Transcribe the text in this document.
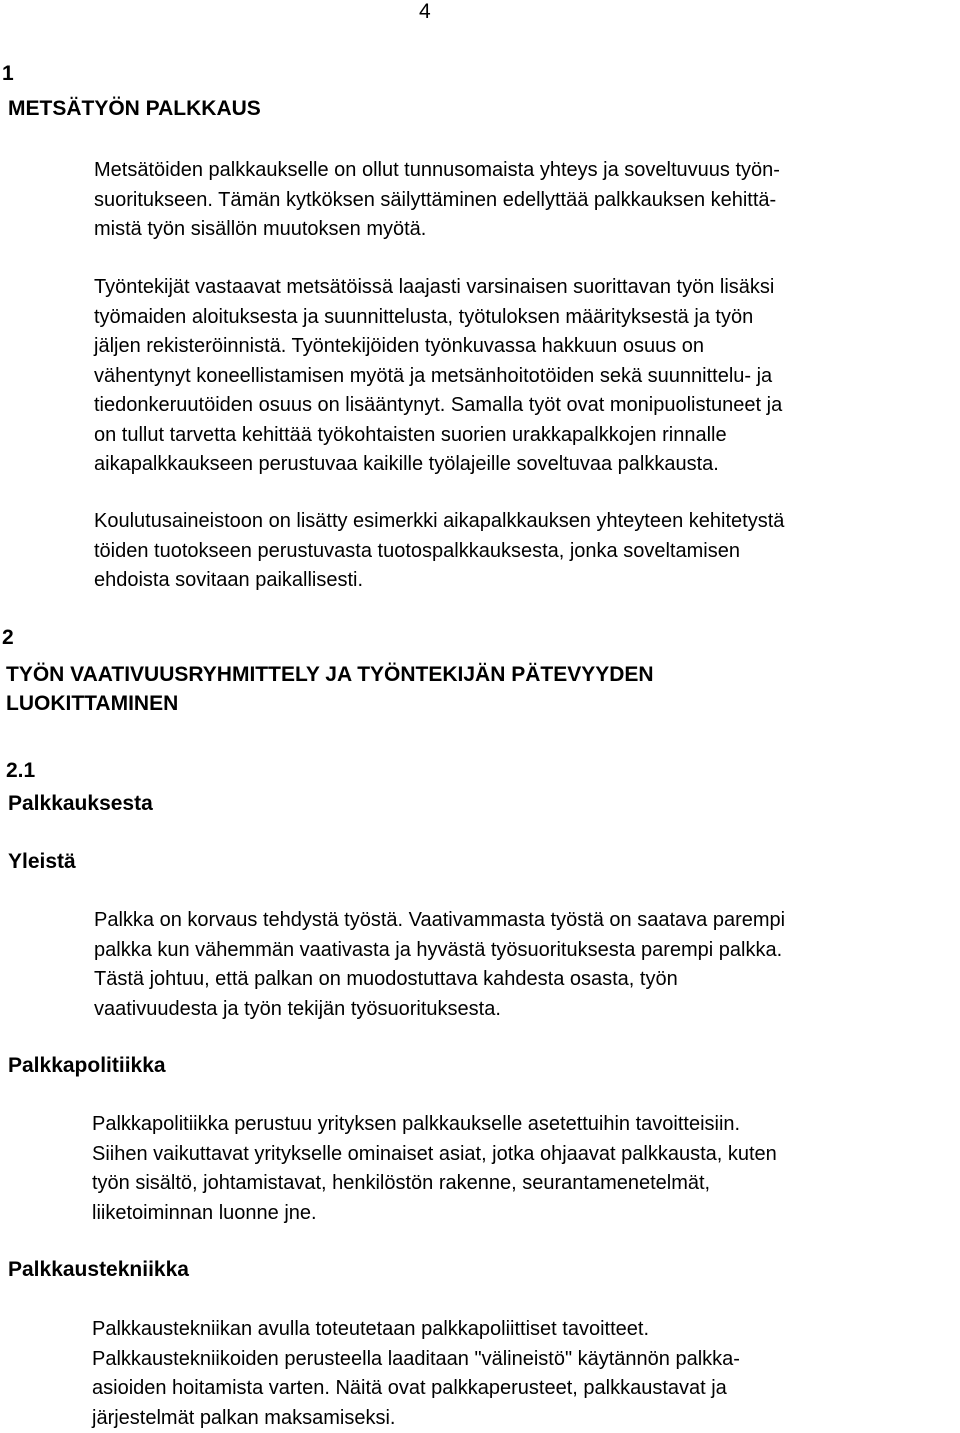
4
1
METSÄTYÖN PALKKAUS
Metsätöiden palkkaukselle on ollut tunnusomaista yhteys ja soveltuvuus työn-
suoritukseen. Tämän kytköksen säilyttäminen edellyttää palkkauksen kehittä-
mistä työn sisällön muutoksen myötä.
Työntekijät vastaavat metsätöissä laajasti varsinaisen suorittavan työn lisäksi
työmaiden aloituksesta ja suunnittelusta, työtuloksen määrityksestä ja työn
jäljen rekisteröinnistä. Työntekijöiden työnkuvassa hakkuun osuus on
vähentynyt koneellistamisen myötä ja metsänhoitotöiden sekä suunnittelu- ja
tiedonkeruutöiden osuus on lisääntynyt. Samalla työt ovat monipuolistuneet ja
on tullut tarvetta kehittää työkohtaisten suorien urakkapalkkojen rinnalle
aikapalkkaukseen perustuvaa kaikille työlajeille soveltuvaa palkkausta.
Koulutusaineistoon on lisätty esimerkki aikapalkkauksen yhteyteen kehitetystä
töiden tuotokseen perustuvasta tuotospalkkauksesta, jonka soveltamisen
ehdoista sovitaan paikallisesti.
2
TYÖN VAATIVUUSRYHMITTELY JA TYÖNTEKIJÄN PÄTEVYYDEN
LUOKITTAMINEN
2.1
Palkkauksesta
Yleistä
Palkka on korvaus tehdystä työstä. Vaativammasta työstä on saatava parempi
palkka kun vähemmän vaativasta ja hyvästä työsuorituksesta parempi palkka.
Tästä johtuu, että palkan on muodostuttava kahdesta osasta, työn
vaativuudesta ja työn tekijän työsuorituksesta.
Palkkapolitiikka
Palkkapolitiikka perustuu yrityksen palkkaukselle asetettuihin tavoitteisiin.
Siihen vaikuttavat yritykselle ominaiset asiat, jotka ohjaavat palkkausta, kuten
työn sisältö, johtamistavat, henkilöstön rakenne, seurantamenetelmät,
liiketoiminnan luonne jne.
Palkkaustekniikka
Palkkaustekniikan avulla toteutetaan palkkapoliittiset tavoitteet.
Palkkaustekniikoiden perusteella laaditaan "välineistö" käytännön palkka-
asioiden hoitamista varten. Näitä ovat palkkaperusteet, palkkaustavat ja
järjestelmät palkan maksamiseksi.
